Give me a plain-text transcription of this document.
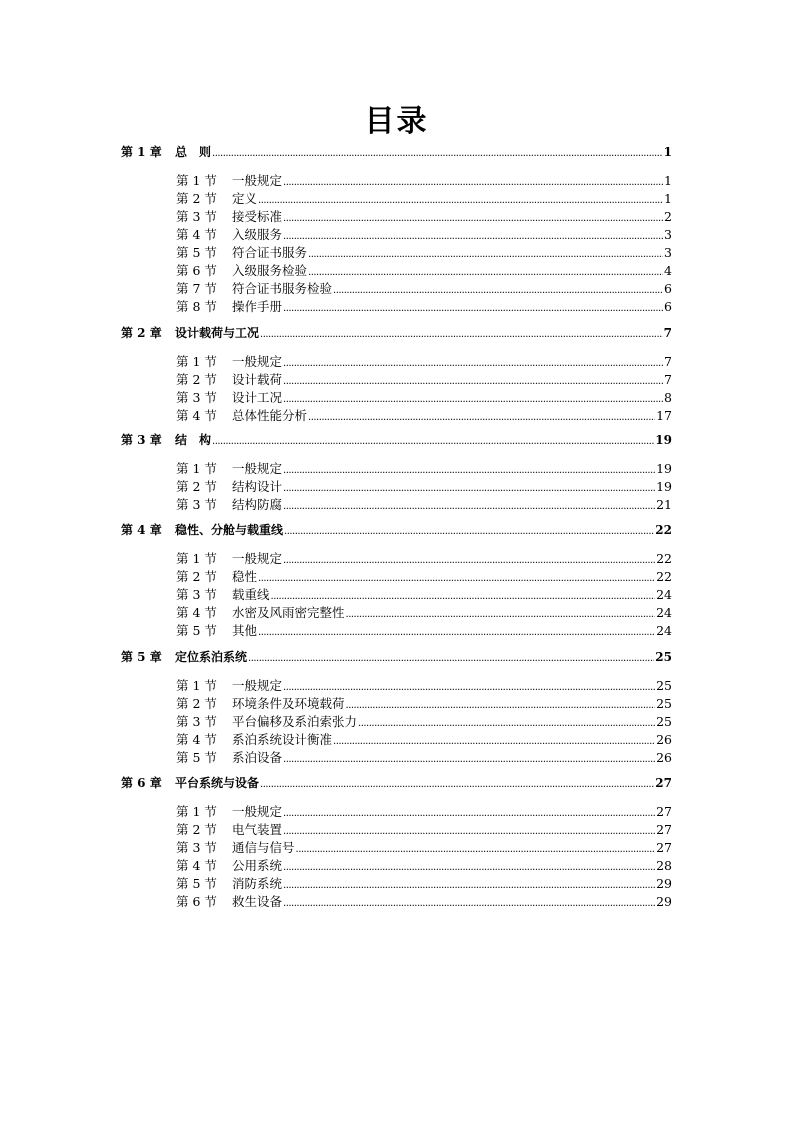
目录
第 1 章	总　则 .....	1
第 1 节	一般规定 .....	1
第 2 节	定义 .....	1
第 3 节	接受标准 .....	2
第 4 节	入级服务 .....	3
第 5 节	符合证书服务 .....	3
第 6 节	入级服务检验 .....	4
第 7 节	符合证书服务检验 .....	6
第 8 节	操作手册 .....	6
第 2 章	设计载荷与工况 .....	7
第 1 节	一般规定 .....	7
第 2 节	设计载荷 .....	7
第 3 节	设计工况 .....	8
第 4 节	总体性能分析 .....	17
第 3 章	结　构 .....	19
第 1 节	一般规定 .....	19
第 2 节	结构设计 .....	19
第 3 节	结构防腐 .....	21
第 4 章	稳性、分舱与载重线 .....	22
第 1 节	一般规定 .....	22
第 2 节	稳性 .....	22
第 3 节	载重线 .....	24
第 4 节	水密及风雨密完整性 .....	24
第 5 节	其他 .....	24
第 5 章	定位系泊系统 .....	25
第 1 节	一般规定 .....	25
第 2 节	环境条件及环境载荷 .....	25
第 3 节	平台偏移及系泊索张力 .....	25
第 4 节	系泊系统设计衡准 .....	26
第 5 节	系泊设备 .....	26
第 6 章	平台系统与设备 .....	27
第 1 节	一般规定 .....	27
第 2 节	电气装置 .....	27
第 3 节	通信与信号 .....	27
第 4 节	公用系统 .....	28
第 5 节	消防系统 .....	29
第 6 节	救生设备 .....	29
